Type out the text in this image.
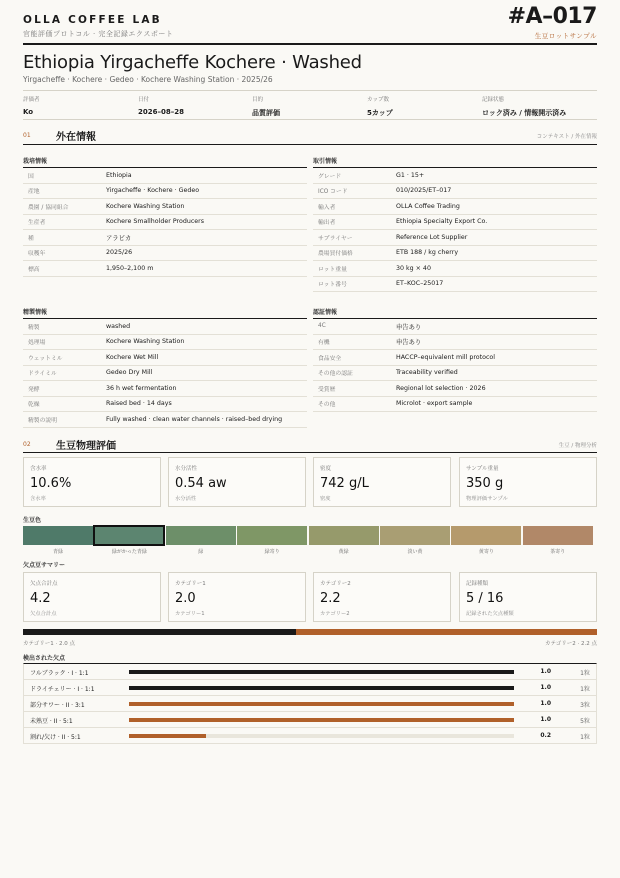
OLLA COFFEE LAB
官能評価プロトコル · 完全記録エクスポート
#A–017
生豆ロットサンプル
Ethiopia Yirgacheffe Kochere · Washed
Yirgacheffe · Kochere · Gedeo · Kochere Washing Station · 2025/26
評価者
Ko
日付
2026–08–28
目的
品質評価
カップ数
5カップ
記録状態
ロック済み / 情報開示済み
01	外在情報	コンテキスト / 外在情報
栽培情報
国	Ethiopia
産地	Yirgacheffe · Kochere · Gedeo
農園 / 協同組合	Kochere Washing Station
生産者	Kochere Smallholder Producers
種	アラビカ
収穫年	2025/26
標高	1,950–2,100 m
取引情報
グレード	G1 · 15+
ICO コード	010/2025/ET–017
輸入者	OLLA Coffee Trading
輸出者	Ethiopia Specialty Export Co.
サプライヤー	Reference Lot Supplier
農場買付価格	ETB 188 / kg cherry
ロット重量	30 kg × 40
ロット番号	ET–KOC–25017
精製情報
精製	washed
処理場	Kochere Washing Station
ウェットミル	Kochere Wet Mill
ドライミル	Gedeo Dry Mill
発酵	36 h wet fermentation
乾燥	Raised bed · 14 days
精製の説明	Fully washed · clean water channels · raised–bed drying
認証情報
4C	申告あり
有機	申告あり
食品安全	HACCP–equivalent mill protocol
その他の認証	Traceability verified
受賞歴	Regional lot selection · 2026
その他	Microlot · export sample
02	生豆物理評価	生豆 / 物理分析
含水率
10.6%
含水率
水分活性
0.54 aw
水分活性
密度
742 g/L
密度
サンプル重量
350 g
物理評価サンプル
生豆色
青緑	緑がかった青緑	緑	緑寄り	黄緑	淡い黄	黄寄り	茶寄り
欠点豆サマリー
欠点合計点
4.2
欠点合計点
カテゴリー1
2.0
カテゴリー1
カテゴリー2
2.2
カテゴリー2
記録種類
5 / 16
記録された欠点種類
カテゴリー1 · 2.0 点	カテゴリー2 · 2.2 点
検出された欠点
フルブラック · I · 1:1	1.0	1粒
ドライチェリー · I · 1:1	1.0	1粒
部分サワー · II · 3:1	1.0	3粒
未熟豆 · II · 5:1	1.0	5粒
割れ/欠け · II · 5:1	0.2	1粒
